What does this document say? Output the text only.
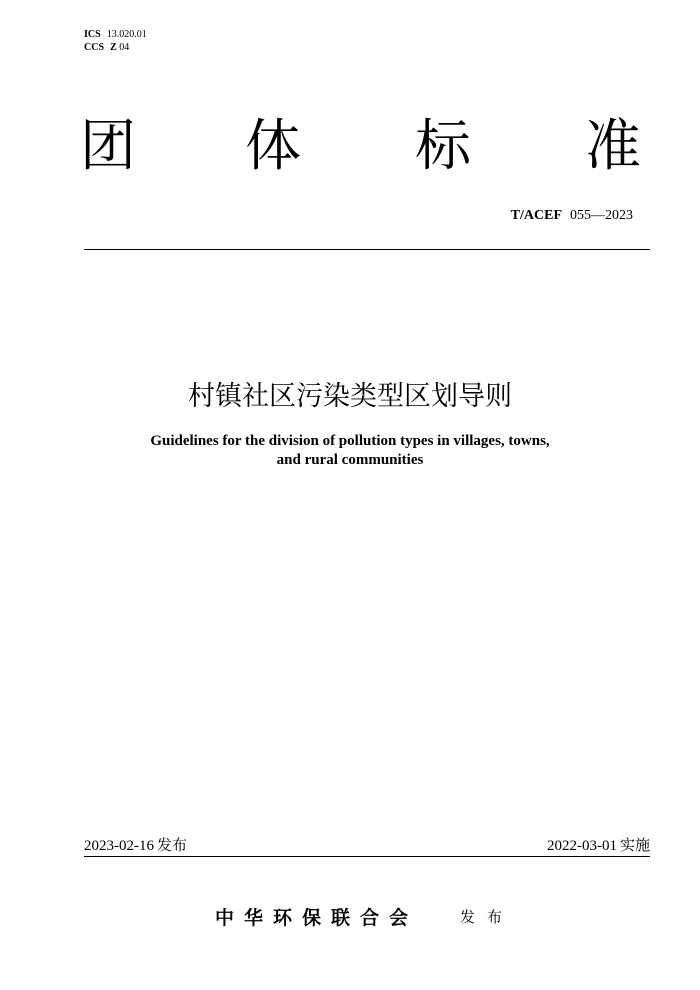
ICS 13.020.01
CCS Z 04
团 体 标 准
T/ACEF 055—2023
村镇社区污染类型区划导则
Guidelines for the division of pollution types in villages, towns,
and rural communities
2023-02-16 发布	2022-03-01 实施
中华环保联合会	发布
